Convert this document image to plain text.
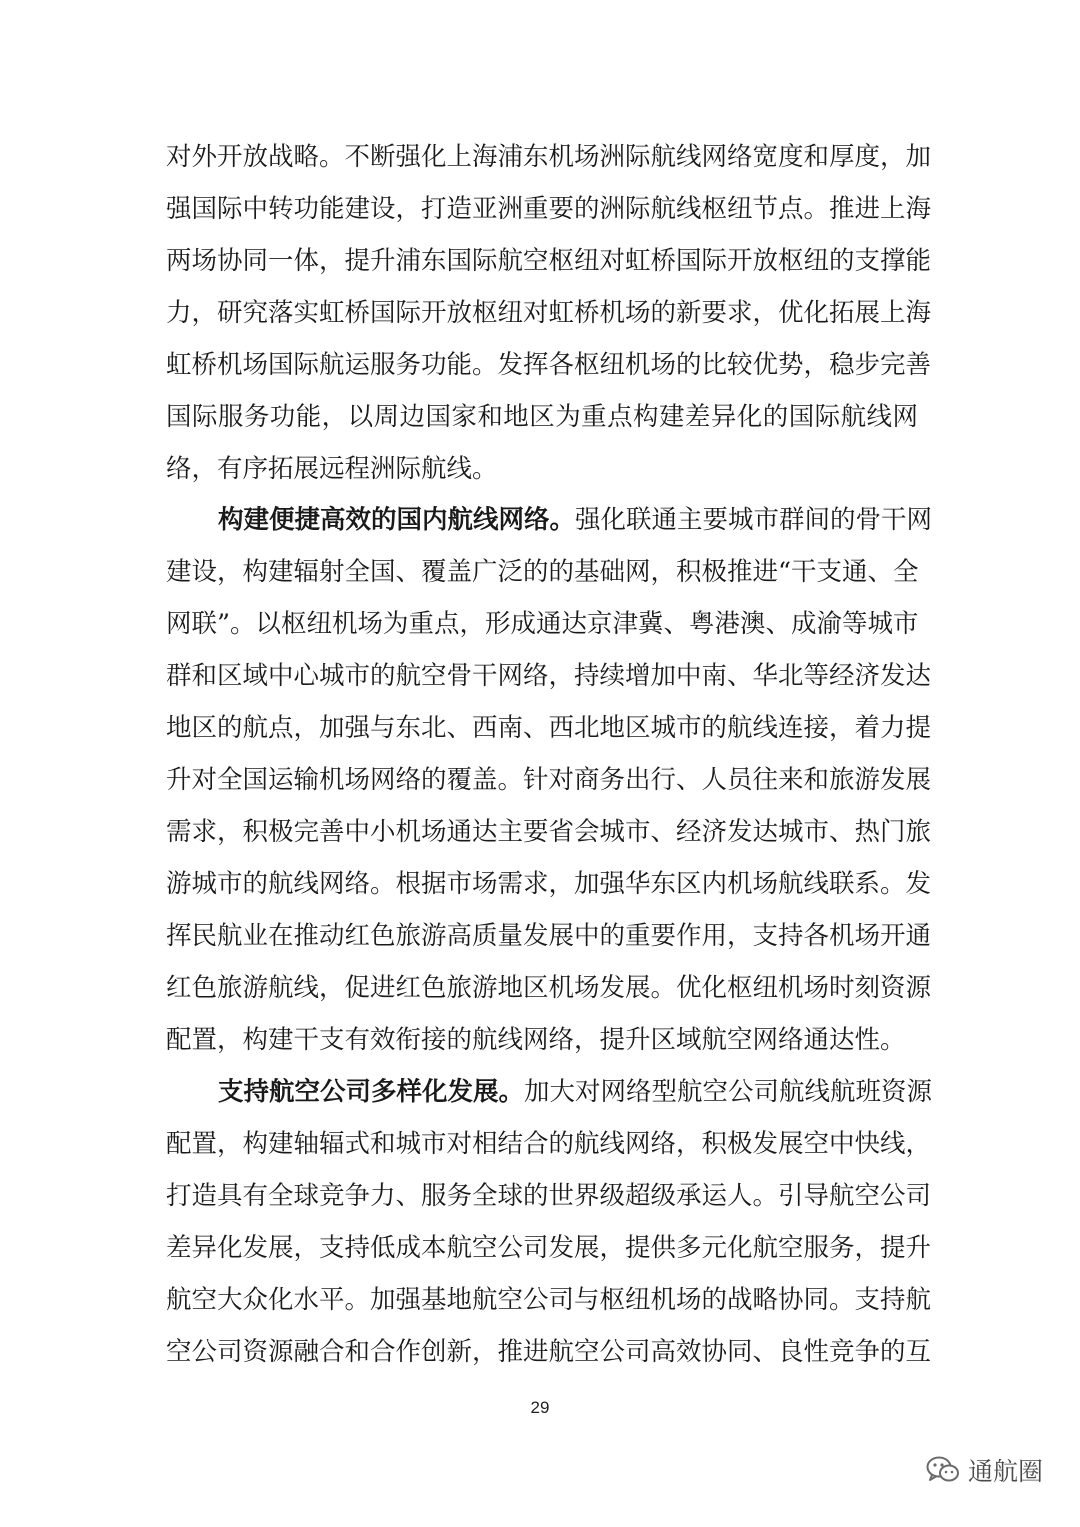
对外开放战略。不断强化上海浦东机场洲际航线网络宽度和厚度，加
强国际中转功能建设，打造亚洲重要的洲际航线枢纽节点。推进上海
两场协同一体，提升浦东国际航空枢纽对虹桥国际开放枢纽的支撑能
力，研究落实虹桥国际开放枢纽对虹桥机场的新要求，优化拓展上海
虹桥机场国际航运服务功能。发挥各枢纽机场的比较优势，稳步完善
国际服务功能，以周边国家和地区为重点构建差异化的国际航线网
络，有序拓展远程洲际航线。
构建便捷高效的国内航线网络。强化联通主要城市群间的骨干网
建设，构建辐射全国、覆盖广泛的的基础网，积极推进“干支通、全
网联”。以枢纽机场为重点，形成通达京津冀、粤港澳、成渝等城市
群和区域中心城市的航空骨干网络，持续增加中南、华北等经济发达
地区的航点，加强与东北、西南、西北地区城市的航线连接，着力提
升对全国运输机场网络的覆盖。针对商务出行、人员往来和旅游发展
需求，积极完善中小机场通达主要省会城市、经济发达城市、热门旅
游城市的航线网络。根据市场需求，加强华东区内机场航线联系。发
挥民航业在推动红色旅游高质量发展中的重要作用，支持各机场开通
红色旅游航线，促进红色旅游地区机场发展。优化枢纽机场时刻资源
配置，构建干支有效衔接的航线网络，提升区域航空网络通达性。
支持航空公司多样化发展。加大对网络型航空公司航线航班资源
配置，构建轴辐式和城市对相结合的航线网络，积极发展空中快线，
打造具有全球竞争力、服务全球的世界级超级承运人。引导航空公司
差异化发展，支持低成本航空公司发展，提供多元化航空服务，提升
航空大众化水平。加强基地航空公司与枢纽机场的战略协同。支持航
空公司资源融合和合作创新，推进航空公司高效协同、良性竞争的互
29
通航圈
